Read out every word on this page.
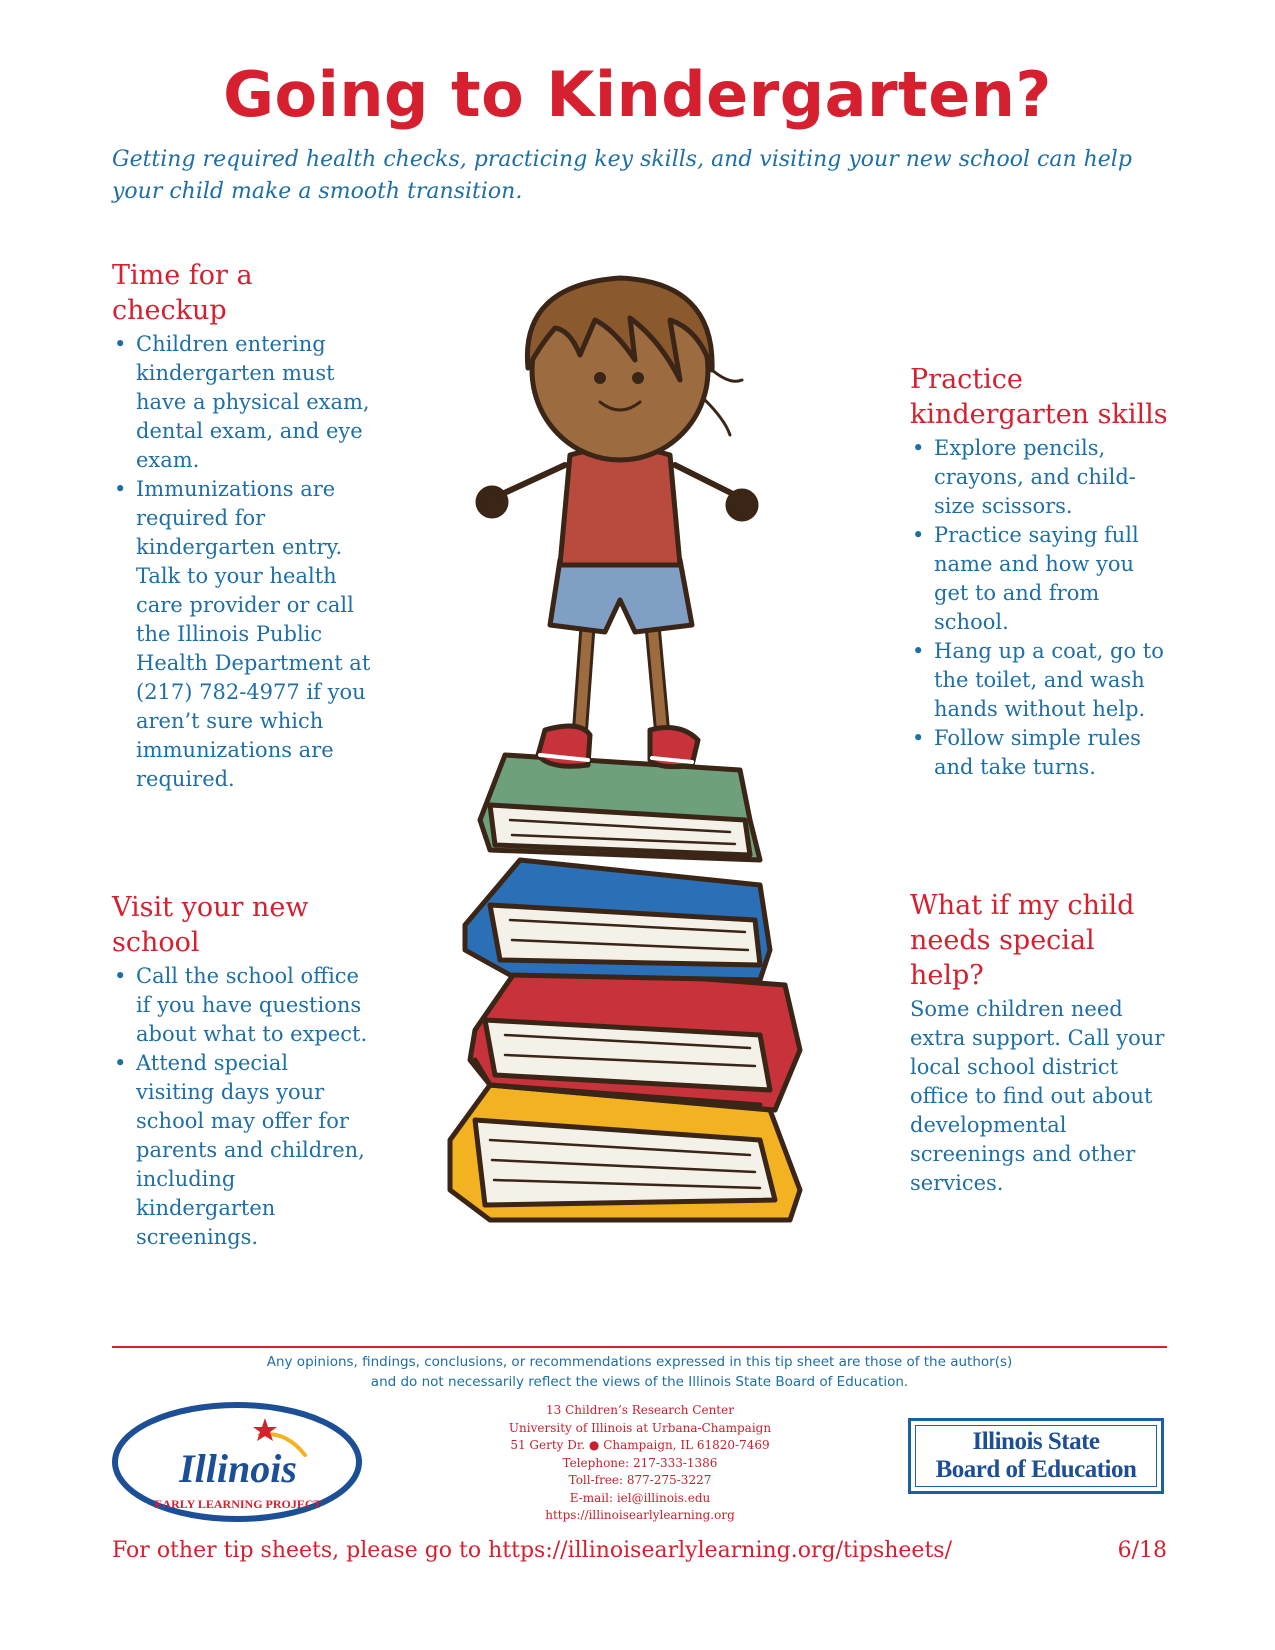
Going to Kindergarten?

Getting required health checks, practicing key skills, and visiting your new school can help your child make a smooth transition.

Time for a checkup
• Children entering kindergarten must have a physical exam, dental exam, and eye exam.
• Immunizations are required for kindergarten entry. Talk to your health care provider or call the Illinois Public Health Department at (217) 782-4977 if you aren’t sure which immunizations are required.
Visit your new school
• Call the school office if you have questions about what to expect.
• Attend special visiting days your school may offer for parents and children, including kindergarten screenings.
Practice kindergarten skills
• Explore pencils, crayons, and child-size scissors.
• Practice saying full name and how you get to and from school.
• Hang up a coat, go to the toilet, and wash hands without help.
• Follow simple rules and take turns.
What if my child needs special help?

Some children need extra support. Call your local school district office to find out about developmental screenings and other services.

Any opinions, findings, conclusions, or recommendations expressed in this tip sheet are those of the author(s)
and do not necessarily reflect the views of the Illinois State Board of Education.
Illinois
EARLY LEARNING PROJECT
13 Children’s Research Center
University of Illinois at Urbana-Champaign
51 Gerty Dr. ● Champaign, IL 61820-7469
Telephone: 217-333-1386
Toll-free: 877-275-3227
E-mail: iel@illinois.edu
https://illinoisearlylearning.org
Illinois State
Board of Education
For other tip sheets, please go to https://illinoisearlylearning.org/tipsheets/	6/18
